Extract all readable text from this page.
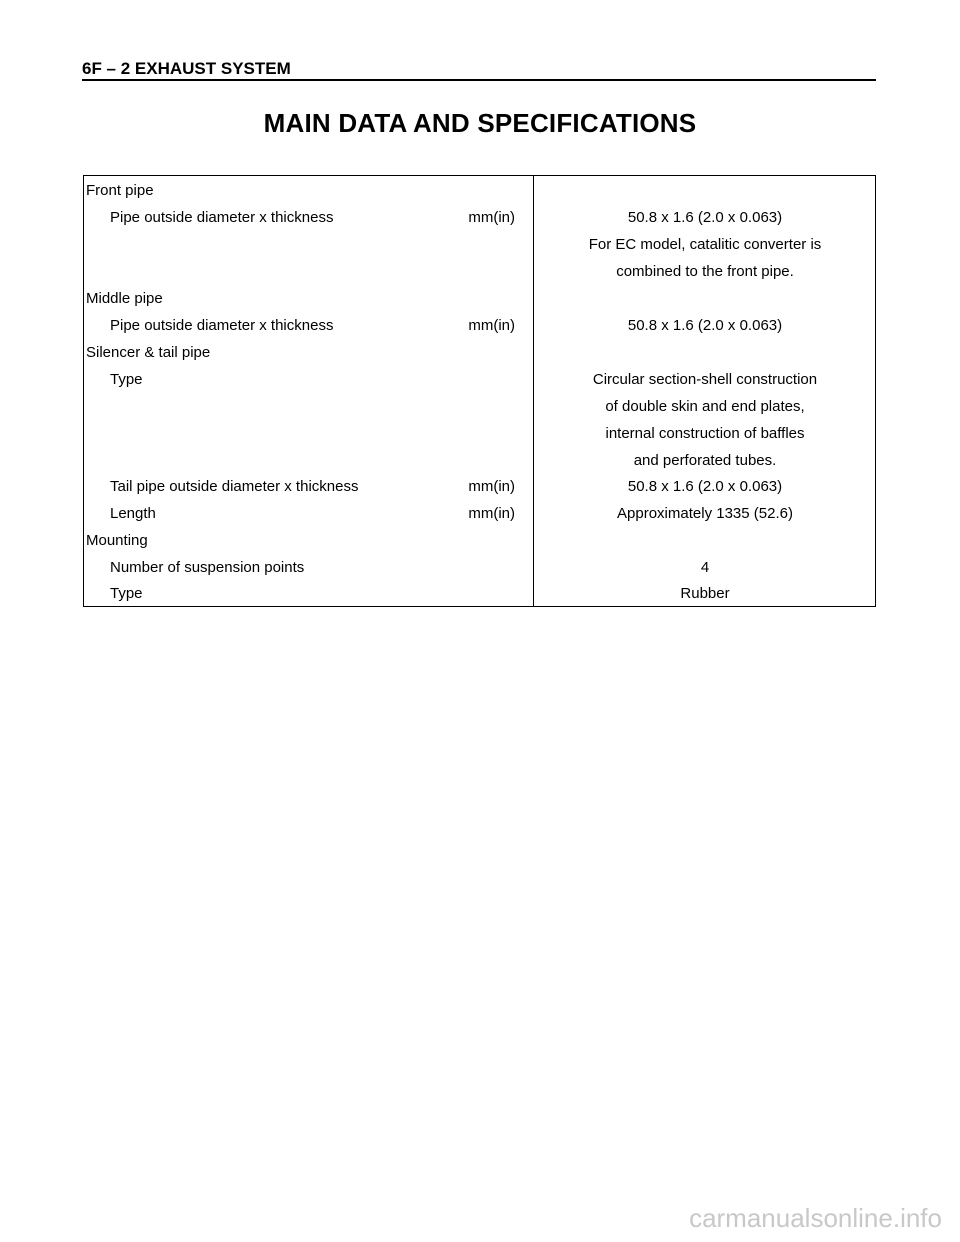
6F – 2 EXHAUST SYSTEM
MAIN DATA AND SPECIFICATIONS
Front pipe
Pipe outside diameter x thickness	mm(in)	50.8 x 1.6 (2.0 x 0.063)
For EC model, catalitic converter is
combined to the front pipe.
Middle pipe
Pipe outside diameter x thickness	mm(in)	50.8 x 1.6 (2.0 x 0.063)
Silencer & tail pipe
Type	Circular section-shell construction
of double skin and end plates,
internal construction of baffles
and perforated tubes.
Tail pipe outside diameter x thickness	mm(in)	50.8 x 1.6 (2.0 x 0.063)
Length	mm(in)	Approximately 1335 (52.6)
Mounting
Number of suspension points	4
Type	Rubber
carmanualsonline.info
